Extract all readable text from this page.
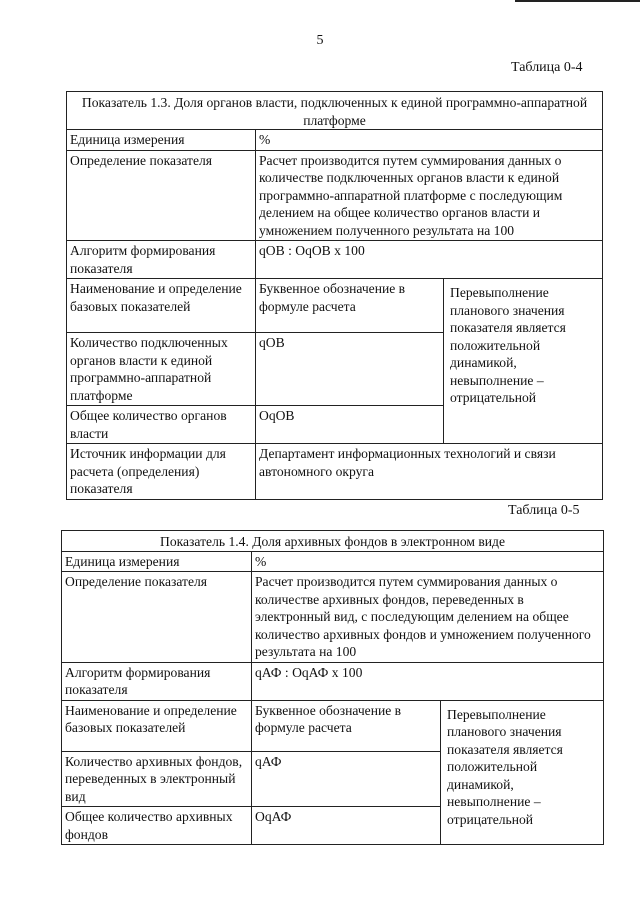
5
Таблица 0-4
Показатель 1.3. Доля органов власти, подключенных к единой программно-аппаратной платформе		
Единица измерения	%	
Определение показателя	Расчет производится путем суммирования данных о количестве подключенных органов власти к единой программно-аппаратной платформе с последующим делением на общее количество органов власти и умножением полученного результата на 100	
Алгоритм формирования показателя	qОВ : ОqОВ х 100	
Наименование и определение базовых показателей	Буквенное обозначение в формуле расчета	Перевыполнение планового значения показателя является положительной динамикой, невыполнение – отрицательной
Количество подключенных органов власти к единой программно-аппаратной платформе	qОВ	
Общее количество органов власти	ОqОВ	
Источник информации для расчета (определения) показателя	Департамент информационных технологий и связи автономного округа	
Таблица 0-5
Показатель 1.4. Доля архивных фондов в электронном виде		
Единица измерения	%	
Определение показателя	Расчет производится путем суммирования данных о количестве архивных фондов, переведенных в электронный вид, с последующим делением на общее количество архивных фондов и умножением полученного результата на 100	
Алгоритм формирования показателя	qАФ : ОqАФ х 100	
Наименование и определение базовых показателей	Буквенное обозначение в формуле расчета	Перевыполнение планового значения показателя является положительной динамикой, невыполнение – отрицательной
Количество архивных фондов, переведенных в электронный вид	qАФ	
Общее количество архивных фондов	ОqАФ	
